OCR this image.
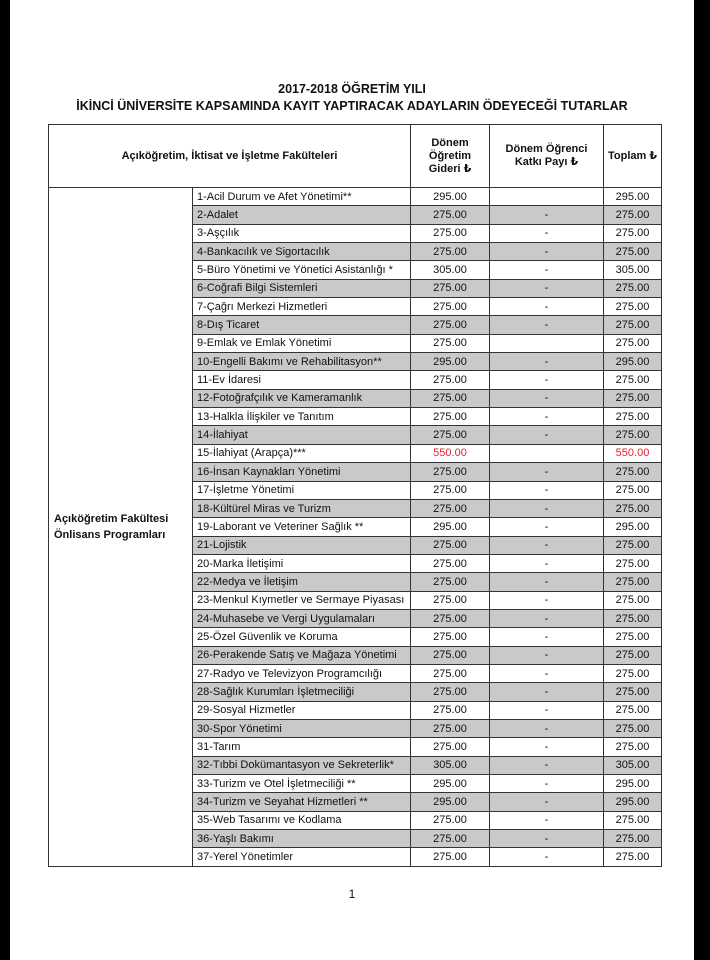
2017-2018 ÖĞRETİM YILI
İKİNCİ ÜNİVERSİTE KAPSAMINDA KAYIT YAPTIRACAK ADAYLARIN ÖDEYECEĞİ TUTARLAR
Açıköğretim, İktisat ve İşletme Fakülteleri		Dönem Öğretim Gideri ₺	Dönem Öğrenci Katkı Payı ₺	Toplam ₺
Açıköğretim Fakültesi Önlisans Programları	1-Acil Durum ve Afet Yönetimi**	295.00		295.00
	2-Adalet	275.00	-	275.00
	3-Aşçılık	275.00	-	275.00
	4-Bankacılık ve Sigortacılık	275.00	-	275.00
	5-Büro Yönetimi ve Yönetici Asistanlığı *	305.00	-	305.00
	6-Coğrafi Bilgi Sistemleri	275.00	-	275.00
	7-Çağrı Merkezi Hizmetleri	275.00	-	275.00
	8-Dış Ticaret	275.00	-	275.00
	9-Emlak ve Emlak Yönetimi	275.00		275.00
	10-Engelli Bakımı ve Rehabilitasyon**	295.00	-	295.00
	11-Ev İdaresi	275.00	-	275.00
	12-Fotoğrafçılık ve Kameramanlık	275.00	-	275.00
	13-Halkla İlişkiler ve Tanıtım	275.00	-	275.00
	14-İlahiyat	275.00	-	275.00
	15-İlahiyat (Arapça)***	550.00		550.00
	16-İnsan Kaynakları Yönetimi	275.00	-	275.00
	17-İşletme Yönetimi	275.00	-	275.00
	18-Kültürel Miras ve Turizm	275.00	-	275.00
	19-Laborant ve Veteriner Sağlık **	295.00	-	295.00
	21-Lojistik	275.00	-	275.00
	20-Marka İletişimi	275.00	-	275.00
	22-Medya ve İletişim	275.00	-	275.00
	23-Menkul Kıymetler ve Sermaye Piyasası	275.00	-	275.00
	24-Muhasebe ve Vergi Uygulamaları	275.00	-	275.00
	25-Özel Güvenlik ve Koruma	275.00	-	275.00
	26-Perakende Satış ve Mağaza Yönetimi	275.00	-	275.00
	27-Radyo ve Televizyon Programcılığı	275.00	-	275.00
	28-Sağlık Kurumları İşletmeciliği	275.00	-	275.00
	29-Sosyal Hizmetler	275.00	-	275.00
	30-Spor Yönetimi	275.00	-	275.00
	31-Tarım	275.00	-	275.00
	32-Tıbbi Dokümantasyon ve Sekreterlik*	305.00	-	305.00
	33-Turizm ve Otel İşletmeciliği **	295.00	-	295.00
	34-Turizm ve Seyahat Hizmetleri **	295.00	-	295.00
	35-Web Tasarımı ve Kodlama	275.00	-	275.00
	36-Yaşlı Bakımı	275.00	-	275.00
	37-Yerel Yönetimler	275.00	-	275.00
1
